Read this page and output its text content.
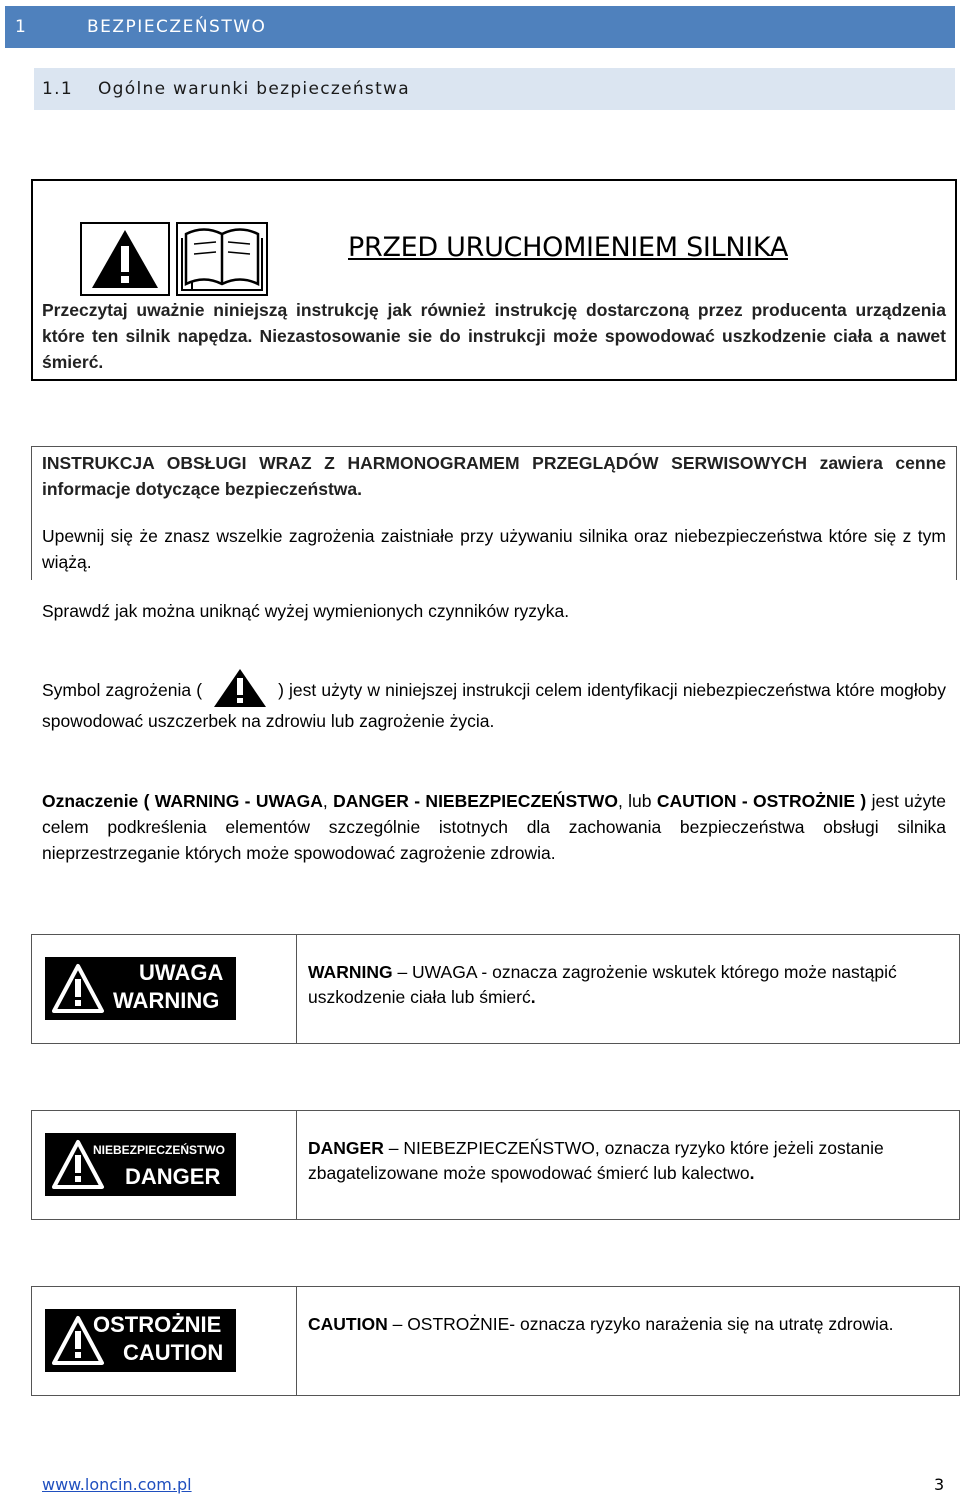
1	BEZPIECZEŃSTWO
1.1 Ogólne warunki bezpieczeństwa
PRZED URUCHOMIENIEM SILNIKA
Przeczytaj uważnie niniejszą instrukcję jak również instrukcję dostarczoną przez producenta urządzenia które ten silnik napędza. Niezastosowanie sie do instrukcji może spowodować uszkodzenie ciała a nawet śmierć.
INSTRUKCJA OBSŁUGI WRAZ Z HARMONOGRAMEM PRZEGLĄDÓW SERWISOWYCH zawiera cenne informacje dotyczące bezpieczeństwa.
Upewnij się że znasz wszelkie zagrożenia zaistniałe przy używaniu silnika oraz niebezpieczeństwa które się z tym wiążą.
Sprawdź jak można uniknąć wyżej wymienionych czynników ryzyka.
Symbol zagrożenia (	) jest użyty w niniejszej instrukcji celem identyfikacji niebezpieczeństwa które mogłoby spowodować uszczerbek na zdrowiu lub zagrożenie życia.
Oznaczenie ( WARNING - UWAGA, DANGER - NIEBEZPIECZEŃSTWO, lub CAUTION - OSTROŻNIE ) jest użyte celem podkreślenia elementów szczególnie istotnych dla zachowania bezpieczeństwa obsługi silnika nieprzestrzeganie których może spowodować zagrożenie zdrowia.
UWAGA
WARNING
WARNING – UWAGA - oznacza zagrożenie wskutek którego może nastąpić uszkodzenie ciała lub śmierć.
NIEBEZPIECZEŃSTWO
DANGER
DANGER – NIEBEZPIECZEŃSTWO, oznacza ryzyko które jeżeli zostanie zbagatelizowane może spowodować śmierć lub kalectwo.
OSTROŻNIE
CAUTION
CAUTION – OSTROŻNIE- oznacza ryzyko narażenia się na utratę zdrowia.
www.loncin.com.pl	3
